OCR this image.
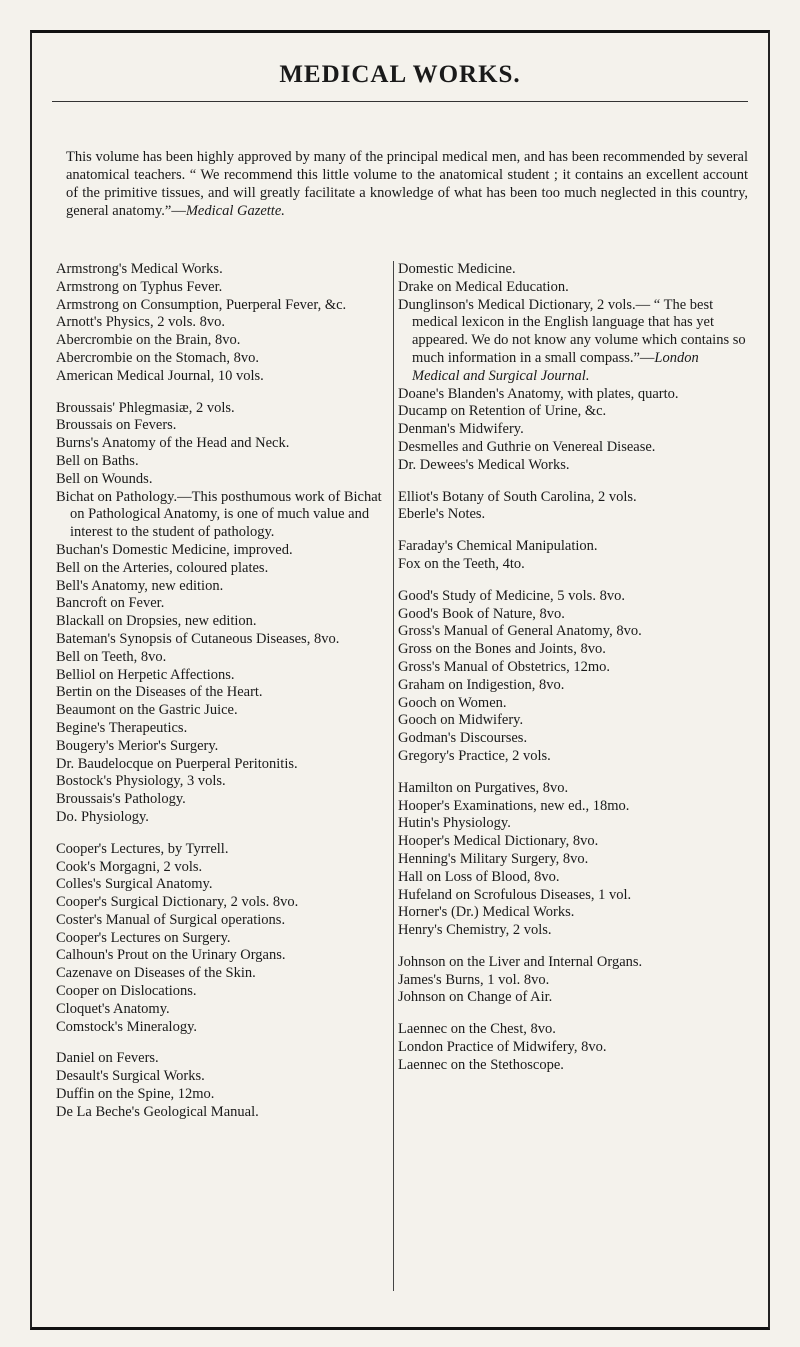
MEDICAL WORKS.

This volume has been highly approved by many of the principal medical men, and has been recommended by several anatomical teachers. “ We recommend this little volume to the anatomical student ; it contains an excellent account of the primitive tissues, and will greatly facilitate a knowledge of what has been too much neglected in this country, general anatomy.”—Medical Gazette.

Armstrong's Medical Works.

Armstrong on Typhus Fever.

Armstrong on Consumption, Puerperal Fever, &c.

Arnott's Physics, 2 vols. 8vo.

Abercrombie on the Brain, 8vo.

Abercrombie on the Stomach, 8vo.

American Medical Journal, 10 vols.

Broussais' Phlegmasiæ, 2 vols.

Broussais on Fevers.

Burns's Anatomy of the Head and Neck.

Bell on Baths.

Bell on Wounds.

Bichat on Pathology.—This posthumous work of Bichat on Pathological Anatomy, is one of much value and interest to the student of pathology.

Buchan's Domestic Medicine, improved.

Bell on the Arteries, coloured plates.

Bell's Anatomy, new edition.

Bancroft on Fever.

Blackall on Dropsies, new edition.

Bateman's Synopsis of Cutaneous Diseases, 8vo.

Bell on Teeth, 8vo.

Belliol on Herpetic Affections.

Bertin on the Diseases of the Heart.

Beaumont on the Gastric Juice.

Begine's Therapeutics.

Bougery's Merior's Surgery.

Dr. Baudelocque on Puerperal Peritonitis.

Bostock's Physiology, 3 vols.

Broussais's Pathology.

Do. Physiology.

Cooper's Lectures, by Tyrrell.

Cook's Morgagni, 2 vols.

Colles's Surgical Anatomy.

Cooper's Surgical Dictionary, 2 vols. 8vo.

Coster's Manual of Surgical operations.

Cooper's Lectures on Surgery.

Calhoun's Prout on the Urinary Organs.

Cazenave on Diseases of the Skin.

Cooper on Dislocations.

Cloquet's Anatomy.

Comstock's Mineralogy.

Daniel on Fevers.

Desault's Surgical Works.

Duffin on the Spine, 12mo.

De La Beche's Geological Manual.

Domestic Medicine.

Drake on Medical Education.

Dunglinson's Medical Dictionary, 2 vols.— “ The best medical lexicon in the English language that has yet appeared. We do not know any volume which contains so much information in a small compass.”—London Medical and Surgical Journal.

Doane's Blanden's Anatomy, with plates, quarto.

Ducamp on Retention of Urine, &c.

Denman's Midwifery.

Desmelles and Guthrie on Venereal Disease.

Dr. Dewees's Medical Works.

Elliot's Botany of South Carolina, 2 vols.

Eberle's Notes.

Faraday's Chemical Manipulation.

Fox on the Teeth, 4to.

Good's Study of Medicine, 5 vols. 8vo.

Good's Book of Nature, 8vo.

Gross's Manual of General Anatomy, 8vo.

Gross on the Bones and Joints, 8vo.

Gross's Manual of Obstetrics, 12mo.

Graham on Indigestion, 8vo.

Gooch on Women.

Gooch on Midwifery.

Godman's Discourses.

Gregory's Practice, 2 vols.

Hamilton on Purgatives, 8vo.

Hooper's Examinations, new ed., 18mo.

Hutin's Physiology.

Hooper's Medical Dictionary, 8vo.

Henning's Military Surgery, 8vo.

Hall on Loss of Blood, 8vo.

Hufeland on Scrofulous Diseases, 1 vol.

Horner's (Dr.) Medical Works.

Henry's Chemistry, 2 vols.

Johnson on the Liver and Internal Organs.

James's Burns, 1 vol. 8vo.

Johnson on Change of Air.

Laennec on the Chest, 8vo.

London Practice of Midwifery, 8vo.

Laennec on the Stethoscope.
